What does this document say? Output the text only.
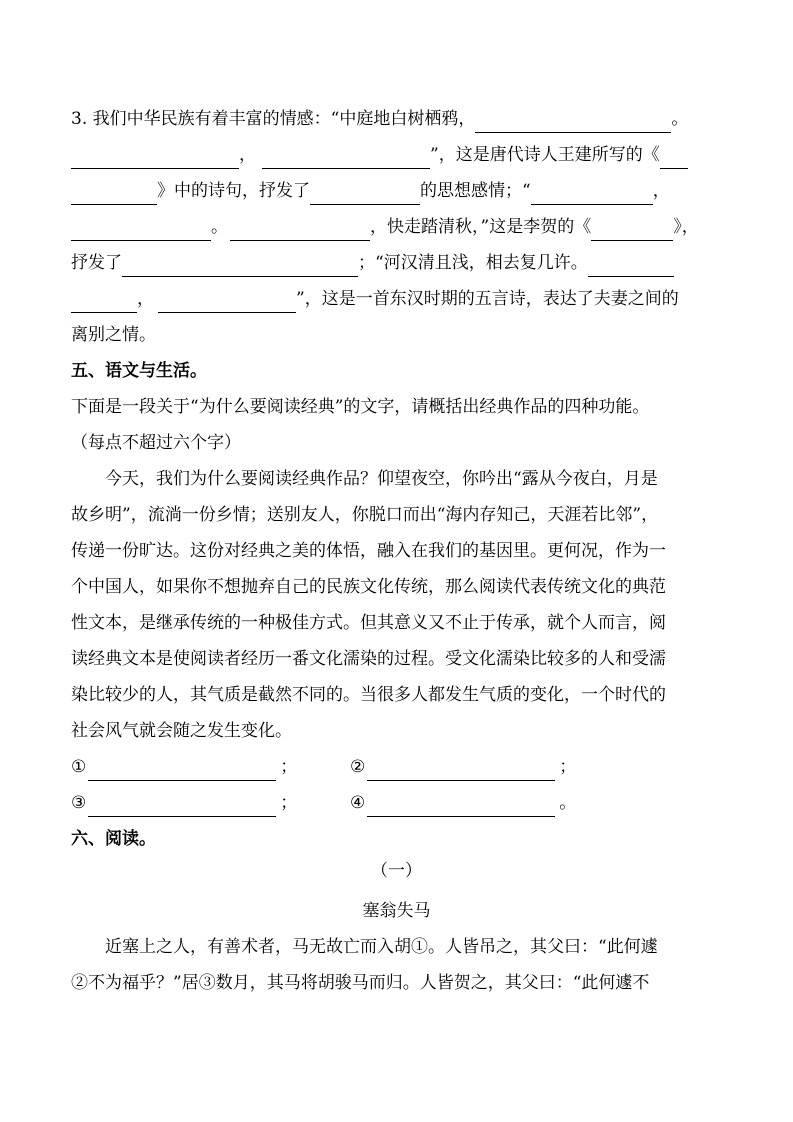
3. 我们中华民族有着丰富的情感：“中庭地白树栖鸦，	。
，	”，这是唐代诗人王建所写的《
》中的诗句，抒发了	的思想感情；“	，
。	，快走踏清秋，”这是李贺的《	》，
抒发了	；“河汉清且浅，相去复几许。
，	”，这是一首东汉时期的五言诗，表达了夫妻之间的
离别之情。
五、语文与生活。
下面是一段关于“为什么要阅读经典”的文字，请概括出经典作品的四种功能。
（每点不超过六个字）
今天，我们为什么要阅读经典作品？仰望夜空，你吟出“露从今夜白，月是
故乡明”，流淌一份乡情；送别友人，你脱口而出“海内存知己，天涯若比邻”，
传递一份旷达。这份对经典之美的体悟，融入在我们的基因里。更何况，作为一
个中国人，如果你不想抛弃自己的民族文化传统，那么阅读代表传统文化的典范
性文本，是继承传统的一种极佳方式。但其意义又不止于传承，就个人而言，阅
读经典文本是使阅读者经历一番文化濡染的过程。受文化濡染比较多的人和受濡
染比较少的人，其气质是截然不同的。当很多人都发生气质的变化，一个时代的
社会风气就会随之发生变化。
①	；	②	；
③	；	④	。
六、阅读。
（一）
塞翁失马
近塞上之人，有善术者，马无故亡而入胡①。人皆吊之，其父曰：“此何遽
②不为福乎？”居③数月，其马将胡骏马而归。人皆贺之，其父曰：“此何遽不
